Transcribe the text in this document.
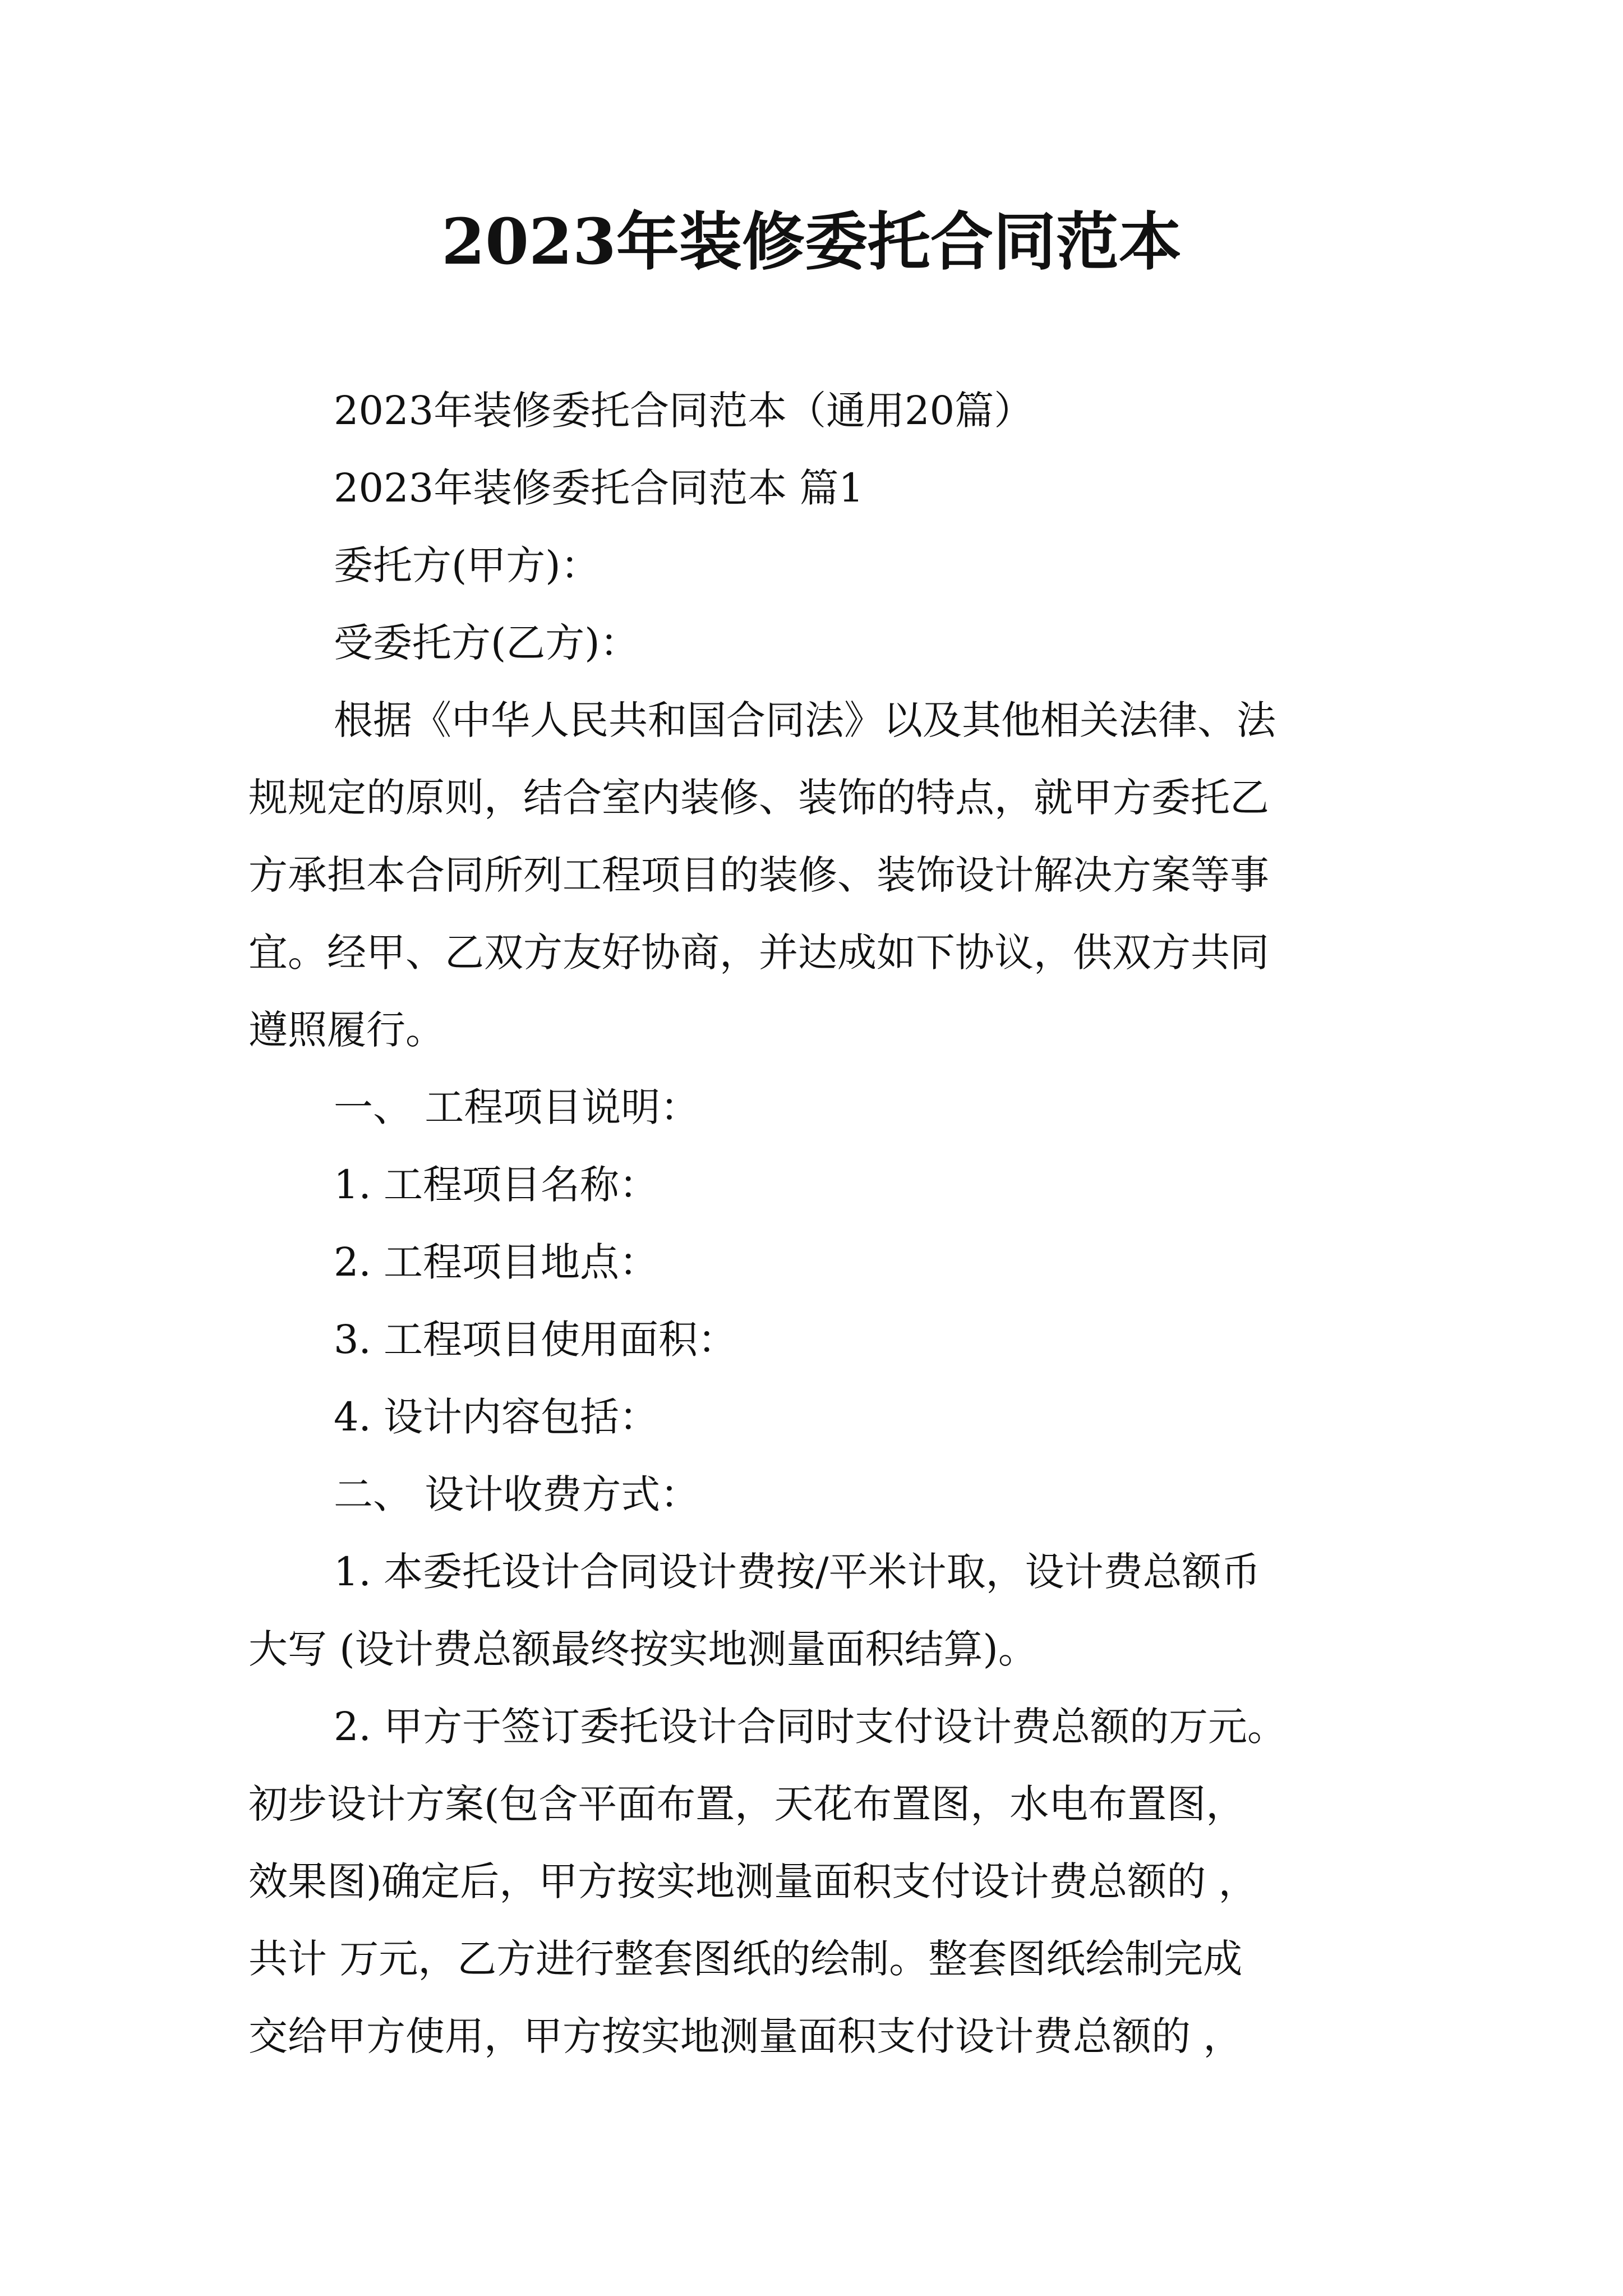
2023年装修委托合同范本
2023年装修委托合同范本（通用20篇）
2023年装修委托合同范本 篇1
委托方(甲方)：
受委托方(乙方)：
根据《中华人民共和国合同法》以及其他相关法律、法
规规定的原则，结合室内装修、装饰的特点，就甲方委托乙
方承担本合同所列工程项目的装修、装饰设计解决方案等事
宜。经甲、乙双方友好协商，并达成如下协议，供双方共同
遵照履行。
一、 工程项目说明：
1. 工程项目名称：
2. 工程项目地点：
3. 工程项目使用面积：
4. 设计内容包括：
二、 设计收费方式：
1. 本委托设计合同设计费按/平米计取，设计费总额币
大写 (设计费总额最终按实地测量面积结算)。
2. 甲方于签订委托设计合同时支付设计费总额的万元。
初步设计方案(包含平面布置，天花布置图，水电布置图，
效果图)确定后，甲方按实地测量面积支付设计费总额的 ，
共计 万元，乙方进行整套图纸的绘制。整套图纸绘制完成
交给甲方使用，甲方按实地测量面积支付设计费总额的 ，
